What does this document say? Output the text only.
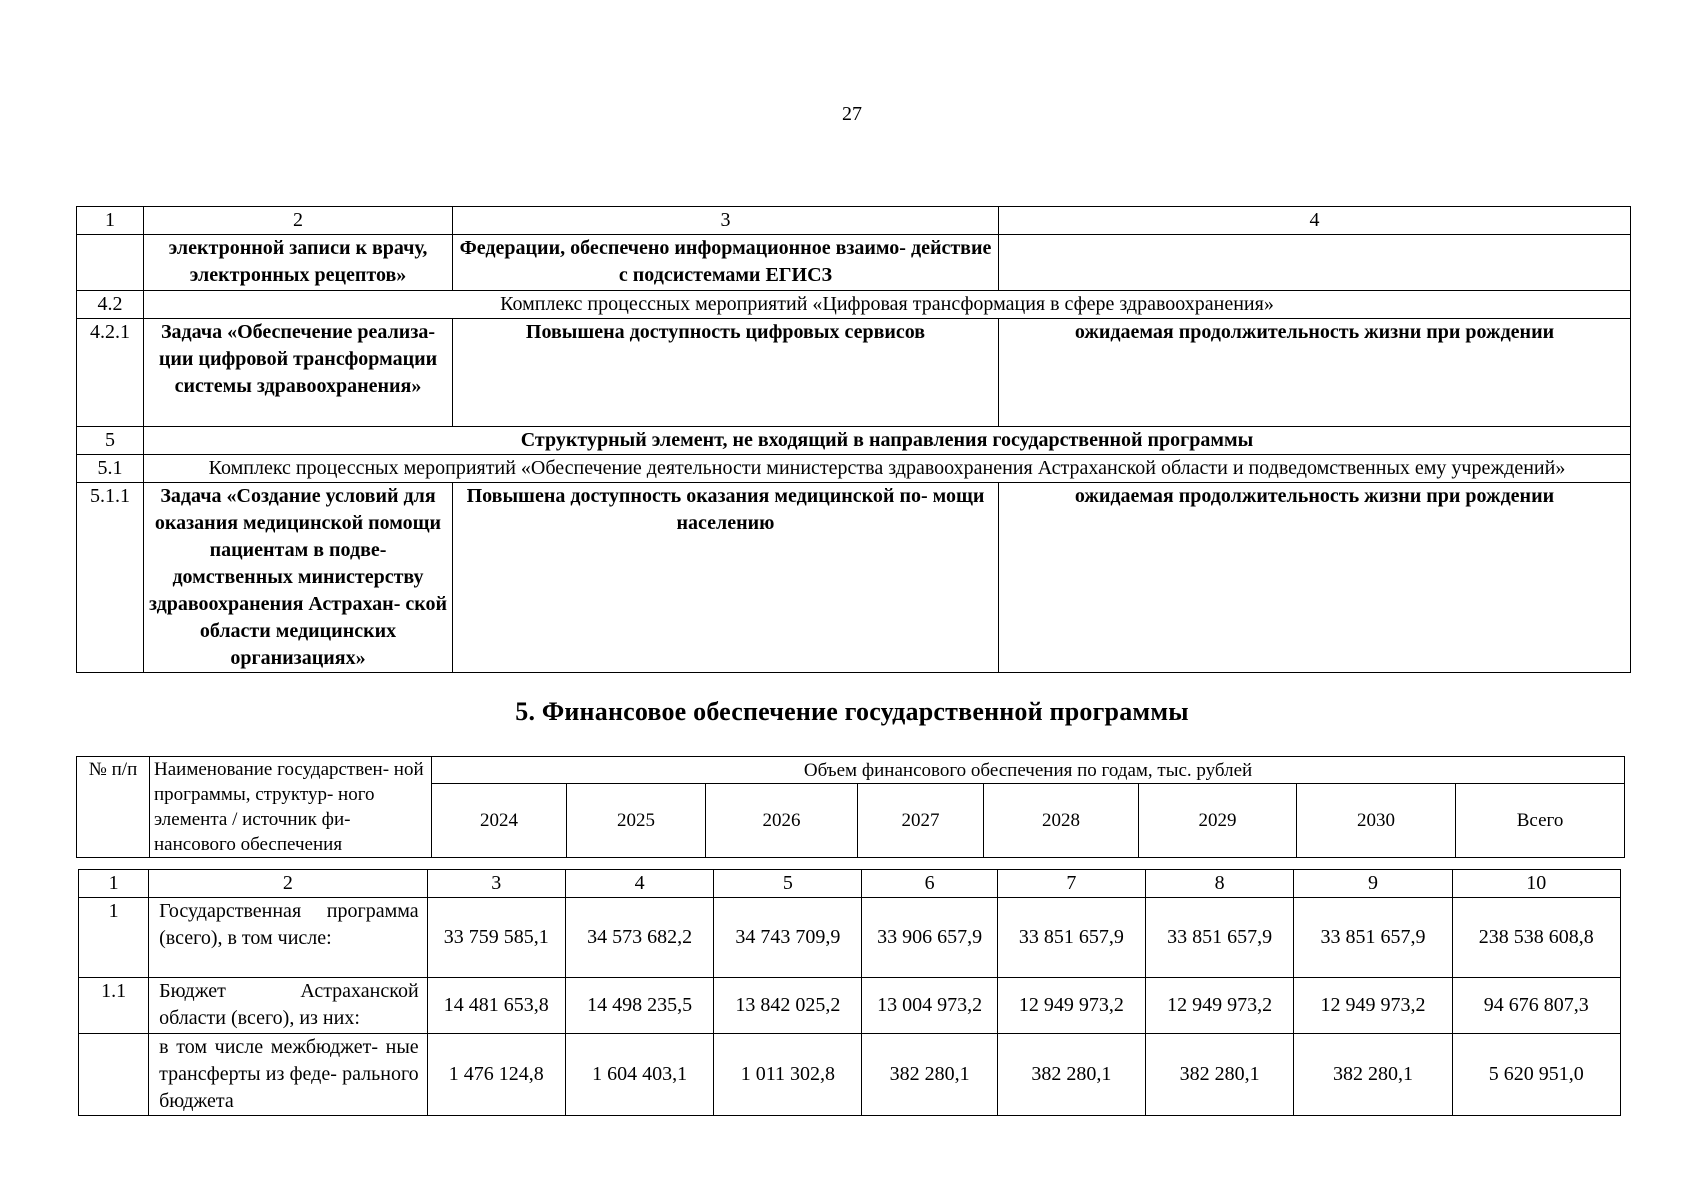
27
1	2	3	4
	электронной записи к врачу, электронных рецептов»	Федерации, обеспечено информационное взаимо- действие с подсистемами ЕГИСЗ	
4.2	Комплекс процессных мероприятий «Цифровая трансформация в сфере здравоохранения»		
4.2.1	Задача «Обеспечение реализа- ции цифровой трансформации системы здравоохранения»	Повышена доступность цифровых сервисов	ожидаемая продолжительность жизни при рождении
5	Структурный элемент, не входящий в направления государственной программы		
5.1	Комплекс процессных мероприятий «Обеспечение деятельности министерства здравоохранения Астраханской области и подведомственных ему учреждений»		
5.1.1	Задача «Создание условий для оказания медицинской помощи пациентам в подве- домственных министерству здравоохранения Астрахан- ской области медицинских организациях»	Повышена доступность оказания медицинской по- мощи населению	ожидаемая продолжительность жизни при рождении
5. Финансовое обеспечение государственной программы
№ п/п	Наименование государствен- ной программы, структур- ного элемента / источник фи- нансового обеспечения	Объем финансового обеспечения по годам, тыс. рублей							
		2024	2025	2026	2027	2028	2029	2030	Всего
1	2	3	4	5	6	7	8	9	10
1	Государственная программа (всего), в том числе:	33 759 585,1	34 573 682,2	34 743 709,9	33 906 657,9	33 851 657,9	33 851 657,9	33 851 657,9	238 538 608,8
1.1	Бюджет Астраханской области (всего), из них:	14 481 653,8	14 498 235,5	13 842 025,2	13 004 973,2	12 949 973,2	12 949 973,2	12 949 973,2	94 676 807,3
	в том числе межбюджет- ные трансферты из феде- рального бюджета	1 476 124,8	1 604 403,1	1 011 302,8	382 280,1	382 280,1	382 280,1	382 280,1	5 620 951,0
